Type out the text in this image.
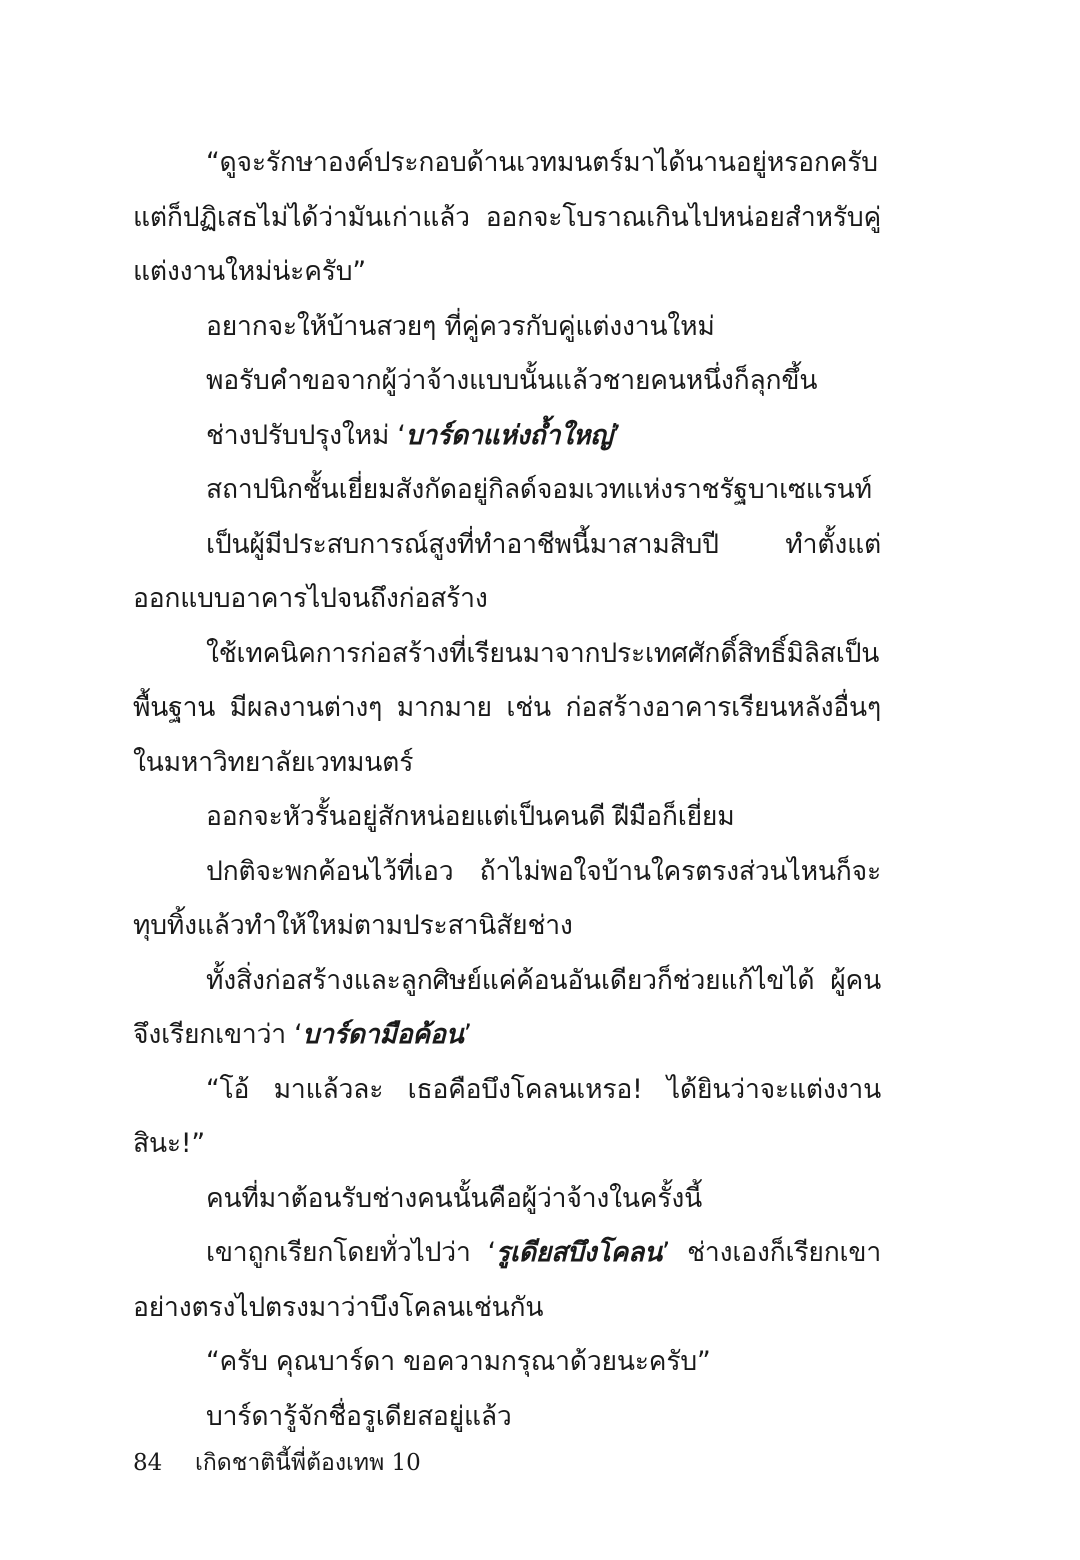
“ดูจะรักษาองค์ประกอบด้านเวทมนตร์มาได้นานอยู่หรอกครับ แต่ก็ปฏิเสธไม่ได้ว่ามันเก่าแล้ว ออกจะโบราณเกินไปหน่อยสำหรับคู่แต่งงานใหม่น่ะครับ”

อยากจะให้บ้านสวยๆ ที่คู่ควรกับคู่แต่งงานใหม่

พอรับคำขอจากผู้ว่าจ้างแบบนั้นแล้วชายคนหนึ่งก็ลุกขึ้น

ช่างปรับปรุงใหม่ ‘บาร์ดาแห่งถ้ำใหญ่’

สถาปนิกชั้นเยี่ยมสังกัดอยู่กิลด์จอมเวทแห่งราชรัฐบาเซแรนท์

เป็นผู้มีประสบการณ์สูงที่ทำอาชีพนี้มาสามสิบปี ทำตั้งแต่ออกแบบอาคารไปจนถึงก่อสร้าง

ใช้เทคนิคการก่อสร้างที่เรียนมาจากประเทศศักดิ์สิทธิ์มิลิสเป็นพื้นฐาน มีผลงานต่างๆ มากมาย เช่น ก่อสร้างอาคารเรียนหลังอื่นๆ ในมหาวิทยาลัยเวทมนตร์

ออกจะหัวรั้นอยู่สักหน่อยแต่เป็นคนดี ฝีมือก็เยี่ยม

ปกติจะพกค้อนไว้ที่เอว ถ้าไม่พอใจบ้านใครตรงส่วนไหนก็จะทุบทิ้งแล้วทำให้ใหม่ตามประสานิสัยช่าง

ทั้งสิ่งก่อสร้างและลูกศิษย์แค่ค้อนอันเดียวก็ช่วยแก้ไขได้ ผู้คนจึงเรียกเขาว่า ‘บาร์ดามือค้อน’

“โอ้ มาแล้วละ เธอคือบึงโคลนเหรอ! ได้ยินว่าจะแต่งงานสินะ!”

คนที่มาต้อนรับช่างคนนั้นคือผู้ว่าจ้างในครั้งนี้

เขาถูกเรียกโดยทั่วไปว่า ‘รูเดียสบึงโคลน’ ช่างเองก็เรียกเขาอย่างตรงไปตรงมาว่าบึงโคลนเช่นกัน

“ครับ คุณบาร์ดา ขอความกรุณาด้วยนะครับ”

บาร์ดารู้จักชื่อรูเดียสอยู่แล้ว

84 เกิดชาตินี้พี่ต้องเทพ 10
